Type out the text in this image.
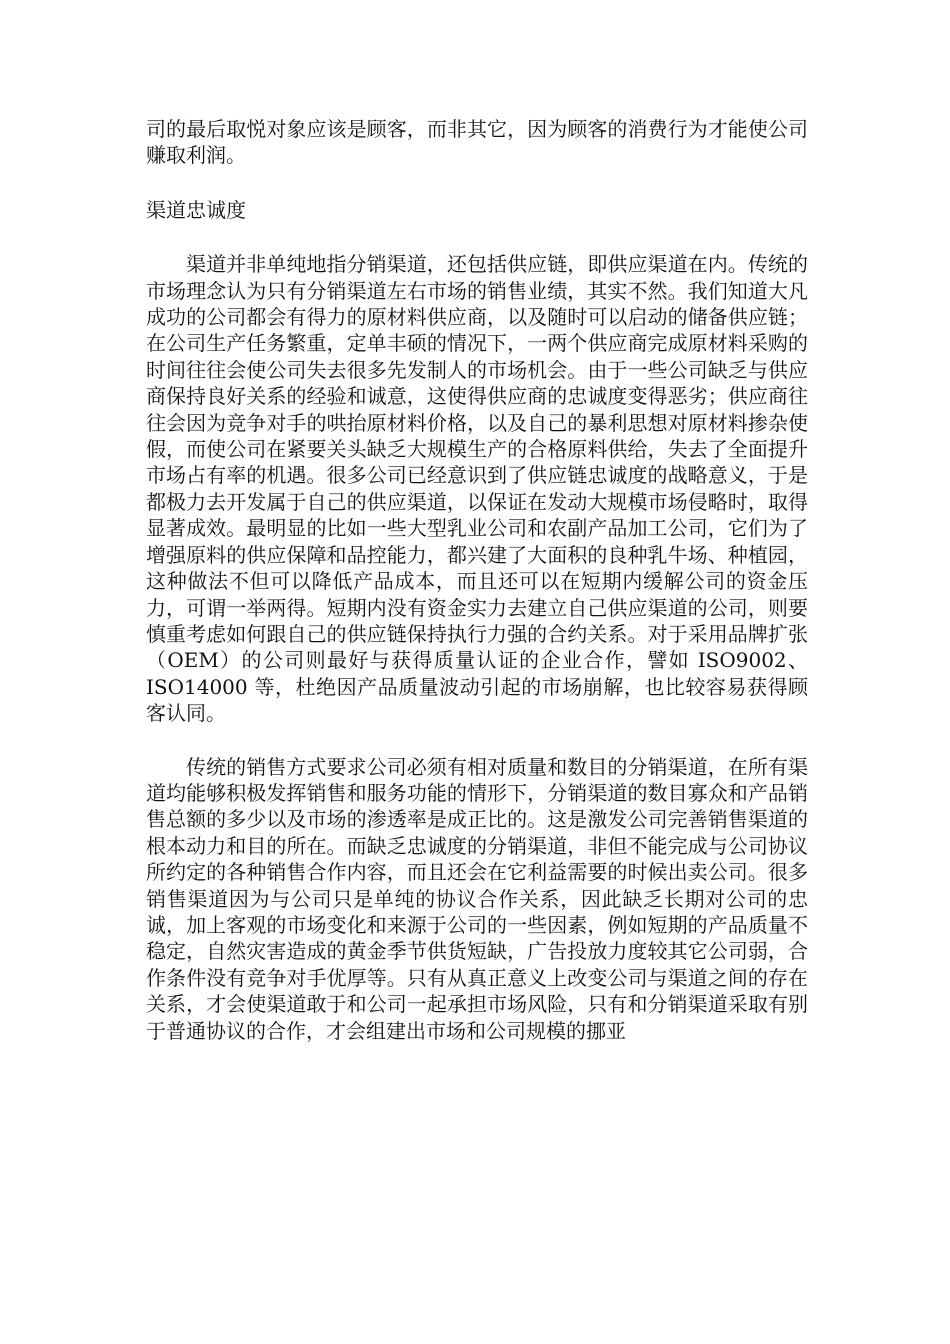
司的最后取悦对象应该是顾客，而非其它，因为顾客的消费行为才能使公司赚取利润。

渠道忠诚度

渠道并非单纯地指分销渠道，还包括供应链，即供应渠道在内。传统的市场理念认为只有分销渠道左右市场的销售业绩，其实不然。我们知道大凡成功的公司都会有得力的原材料供应商，以及随时可以启动的储备供应链；在公司生产任务繁重，定单丰硕的情况下，一两个供应商完成原材料采购的时间往往会使公司失去很多先发制人的市场机会。由于一些公司缺乏与供应商保持良好关系的经验和诚意，这使得供应商的忠诚度变得恶劣；供应商往往会因为竞争对手的哄抬原材料价格，以及自己的暴利思想对原材料掺杂使假，而使公司在紧要关头缺乏大规模生产的合格原料供给，失去了全面提升市场占有率的机遇。很多公司已经意识到了供应链忠诚度的战略意义，于是都极力去开发属于自己的供应渠道，以保证在发动大规模市场侵略时，取得显著成效。最明显的比如一些大型乳业公司和农副产品加工公司，它们为了增强原料的供应保障和品控能力，都兴建了大面积的良种乳牛场、种植园，这种做法不但可以降低产品成本，而且还可以在短期内缓解公司的资金压力，可谓一举两得。短期内没有资金实力去建立自己供应渠道的公司，则要慎重考虑如何跟自己的供应链保持执行力强的合约关系。对于采用品牌扩张（OEM）的公司则最好与获得质量认证的企业合作，譬如 ISO9002、ISO14000 等，杜绝因产品质量波动引起的市场崩解，也比较容易获得顾客认同。

传统的销售方式要求公司必须有相对质量和数目的分销渠道，在所有渠道均能够积极发挥销售和服务功能的情形下，分销渠道的数目寡众和产品销售总额的多少以及市场的渗透率是成正比的。这是激发公司完善销售渠道的根本动力和目的所在。而缺乏忠诚度的分销渠道，非但不能完成与公司协议所约定的各种销售合作内容，而且还会在它利益需要的时候出卖公司。很多销售渠道因为与公司只是单纯的协议合作关系，因此缺乏长期对公司的忠诚，加上客观的市场变化和来源于公司的一些因素，例如短期的产品质量不稳定，自然灾害造成的黄金季节供货短缺，广告投放力度较其它公司弱，合作条件没有竞争对手优厚等。只有从真正意义上改变公司与渠道之间的存在关系，才会使渠道敢于和公司一起承担市场风险，只有和分销渠道采取有别于普通协议的合作，才会组建出市场和公司规模的挪亚
